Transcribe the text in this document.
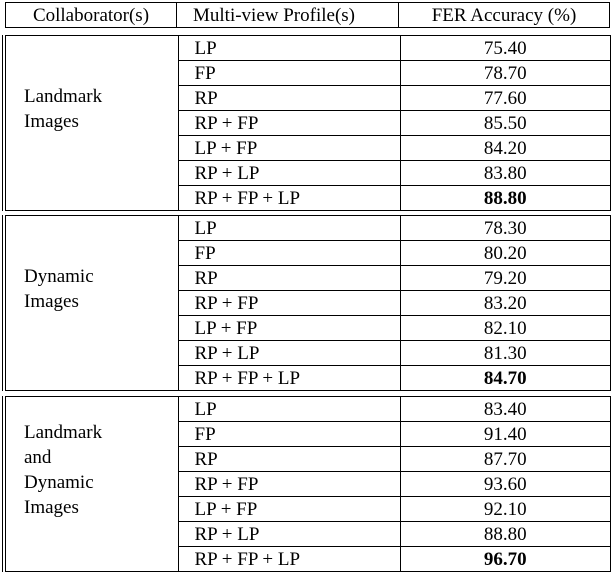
Collaborator(s)	Multi-view Profile(s)	FER Accuracy (%)
Landmark
Images	LP	75.40
	FP	78.70
	RP	77.60
	RP + FP	85.50
	LP + FP	84.20
	RP + LP	83.80
	RP + FP + LP	88.80
Dynamic
Images	LP	78.30
	FP	80.20
	RP	79.20
	RP + FP	83.20
	LP + FP	82.10
	RP + LP	81.30
	RP + FP + LP	84.70
Landmark
and
Dynamic
Images	LP	83.40
	FP	91.40
	RP	87.70
	RP + FP	93.60
	LP + FP	92.10
	RP + LP	88.80
	RP + FP + LP	96.70
